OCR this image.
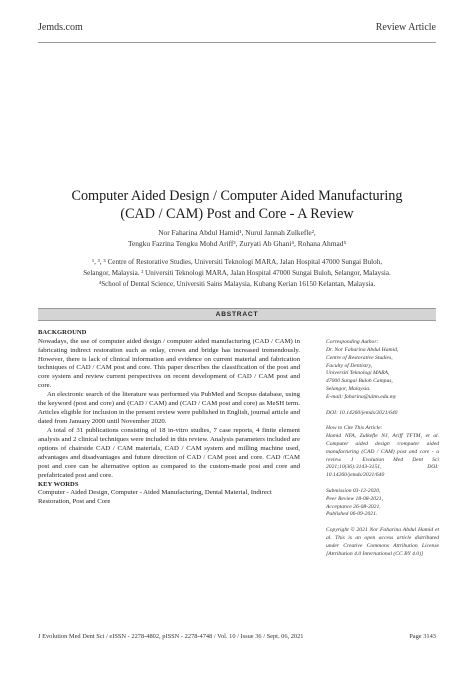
Jemds.com	Review Article
Computer Aided Design / Computer Aided Manufacturing
(CAD / CAM) Post and Core - A Review
Nor Faharina Abdul Hamid¹, Nurul Jannah Zulkefle²,
Tengku Fazrina Tengku Mohd Ariff³, Zuryati Ab Ghani⁴, Rohana Ahmad⁵
¹, ³, ⁵ Centre of Restorative Studies, Universiti Teknologi MARA, Jalan Hospital 47000 Sungai Buloh,
Selangor, Malaysia. ² Universiti Teknologi MARA, Jalan Hospital 47000 Sungai Buloh, Selangor, Malaysia.
⁴School of Dental Science, Universiti Sains Malaysia, Kubang Kerian 16150 Kelantan, Malaysia.
ABSTRACT

BACKGROUND

Nowadays, the use of computer aided design / computer aided manufacturing (CAD / CAM) in fabricating indirect restoration such as onlay, crown and bridge has increased tremendously. However, there is lack of clinical information and evidence on current material and fabrication techniques of CAD / CAM post and core. This paper describes the classification of the post and core system and review current perspectives on recent development of CAD / CAM post and core.

An electronic search of the literature was performed via PubMed and Scopus database, using the keyword (post and core) and (CAD / CAM) and (CAD / CAM post and core) as MeSH term. Articles eligible for inclusion in the present review were published in English, journal article and dated from January 2000 until November 2020.

A total of 31 publications consisting of 18 in-vitro studies, 7 case reports, 4 finite element analysis and 2 clinical techniques were included in this review. Analysis parameters included are options of chairside CAD / CAM materials, CAD / CAM system and milling machine used, advantages and disadvantages and future direction of CAD / CAM post and core. CAD /CAM post and core can be alternative option as compared to the custom-made post and core and prefabricated post and core.

KEY WORDS

Computer - Aided Design, Computer - Aided Manufacturing, Dental Material, Indirect Restoration, Post and Core

Corresponding Author:

Dr. Nor Faharina Abdul Hamid,

Centre of Restorative Studies,

Faculty of Dentistry,

Universiti Teknologi MARA,

47000 Sungai Buloh Campus,

Selangor, Malaysia.

E-mail: faharina@uitm.edu.my

DOI: 10.14260/jemds/2021/640

How to Cite This Article:

Hamid NFA, Zulkefle NJ, Ariff TFTM, et al. Computer aided design /computer aided manufacturing (CAD / CAM) post and core - a review. J Evolution Med Dent Sci 2021;10(36):3143-3151, DOI: 10.14260/jemds/2021/640

Submission 03-12-2020,

Peer Review 18-08-2021,

Acceptance 26-08-2021,

Published 06-09-2021.

Copyright © 2021 Nor Faharina Abdul Hamid et al. This is an open access article distributed under Creative Commons Attribution License [Attribution 4.0 International (CC BY 4.0)]

J Evolution Med Dent Sci / eISSN - 2278-4802, pISSN - 2278-4748 / Vol. 10 / Issue 36 / Sept. 06, 2021	Page 3143
